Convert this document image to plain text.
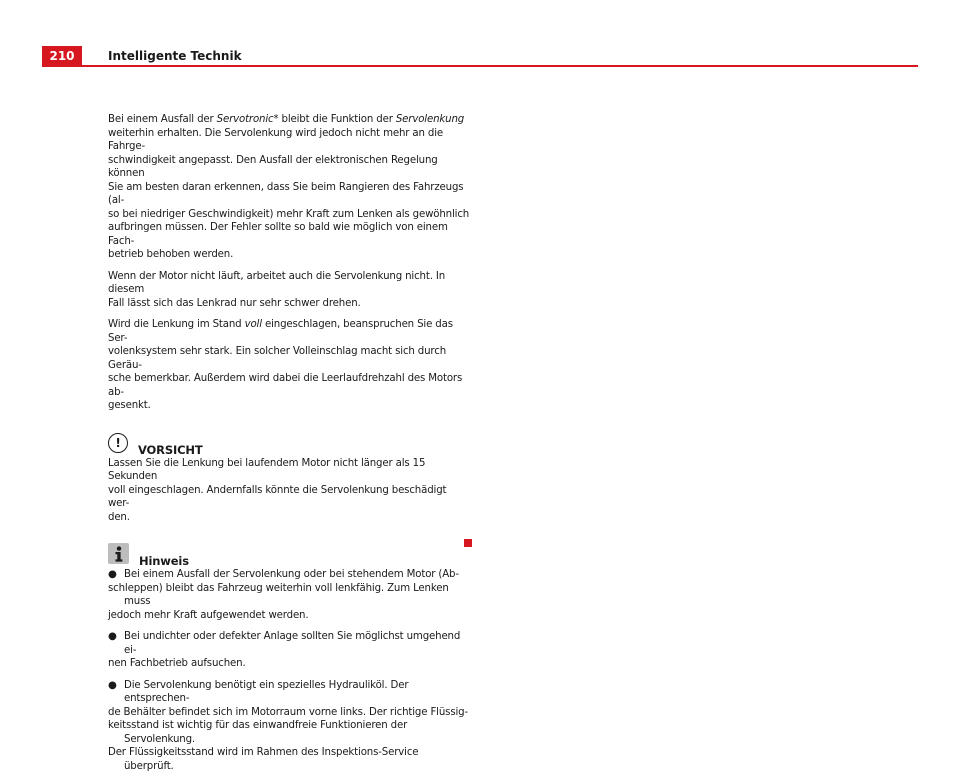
210	Intelligente Technik

Bei einem Ausfall der Servotronic* bleibt die Funktion der Servolenkung weiterhin erhalten. Die Servolenkung wird jedoch nicht mehr an die Fahrge-
schwindigkeit angepasst. Den Ausfall der elektronischen Regelung können
Sie am besten daran erkennen, dass Sie beim Rangieren des Fahrzeugs (al-
so bei niedriger Geschwindigkeit) mehr Kraft zum Lenken als gewöhnlich
aufbringen müssen. Der Fehler sollte so bald wie möglich von einem Fach-
betrieb behoben werden.

Wenn der Motor nicht läuft, arbeitet auch die Servolenkung nicht. In diesem
Fall lässt sich das Lenkrad nur sehr schwer drehen.

Wird die Lenkung im Stand voll eingeschlagen, beanspruchen Sie das Ser-
volenksystem sehr stark. Ein solcher Volleinschlag macht sich durch Geräu-
sche bemerkbar. Außerdem wird dabei die Leerlaufdrehzahl des Motors ab-
gesenkt.

! VORSICHT

Lassen Sie die Lenkung bei laufendem Motor nicht länger als 15 Sekunden
voll eingeschlagen. Andernfalls könnte die Servolenkung beschädigt wer-
den.

Hinweis
● Bei einem Ausfall der Servolenkung oder bei stehendem Motor (Ab-
schleppen) bleibt das Fahrzeug weiterhin voll lenkfähig. Zum Lenken muss
jedoch mehr Kraft aufgewendet werden.
● Bei undichter oder defekter Anlage sollten Sie möglichst umgehend ei-
nen Fachbetrieb aufsuchen.
● Die Servolenkung benötigt ein spezielles Hydrauliköl. Der entsprechen-
de Behälter befindet sich im Motorraum vorne links. Der richtige Flüssig-
keitsstand ist wichtig für das einwandfreie Funktionieren der Servolenkung.
Der Flüssigkeitsstand wird im Rahmen des Inspektions-Service überprüft.
